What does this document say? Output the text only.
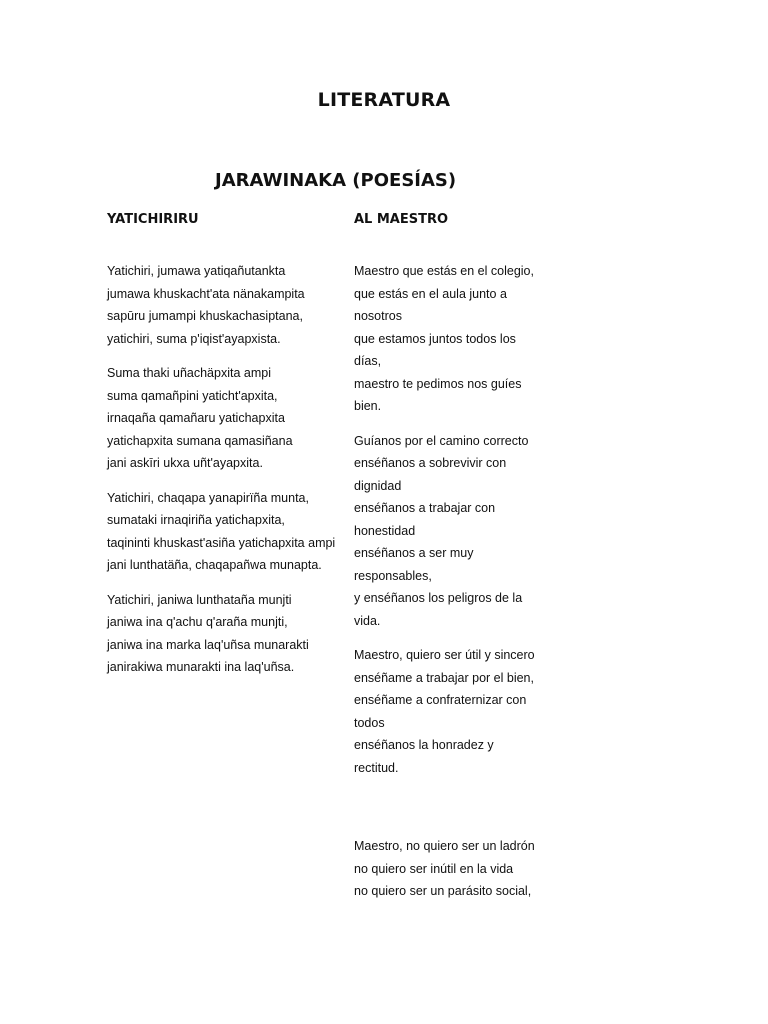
LITERATURA
JARAWINAKA (POESÍAS)
YATICHIRIRU
Yatichiri, jumawa yatiqañutankta
jumawa khuskacht'ata nänakampita
sapūru jumampi khuskachasiptana,
yatichiri, suma p'iqist'ayapxista.
Suma thaki uñachäpxita ampi
suma qamañpini yaticht'apxita,
irnaqaña qamañaru yatichapxita
yatichapxita sumana qamasiñana
jani askīri ukxa uñt'ayapxita.
Yatichiri, chaqapa yanapirïña munta,
sumataki irnaqiriña yatichapxita,
taqininti khuskast'asiña yatichapxita ampi
jani lunthatäña, chaqapañwa munapta.
Yatichiri, janiwa lunthataña munjti
janiwa ina q'achu q'araña munjti,
janiwa ina marka laq'uñsa munarakti
janirakiwa munarakti ina laq'uñsa.
AL MAESTRO
Maestro que estás en el colegio,
que estás en el aula junto a
nosotros
que estamos juntos todos los
días,
maestro te pedimos nos guíes
bien.
Guíanos por el camino correcto
enséñanos a sobrevivir con
dignidad
enséñanos a trabajar con
honestidad
enséñanos a ser muy
responsables,
y enséñanos los peligros de la
vida.
Maestro, quiero ser útil y sincero
enséñame a trabajar por el bien,
enséñame a confraternizar con
todos
enséñanos la honradez y
rectitud.
Maestro, no quiero ser un ladrón
no quiero ser inútil en la vida
no quiero ser un parásito social,
